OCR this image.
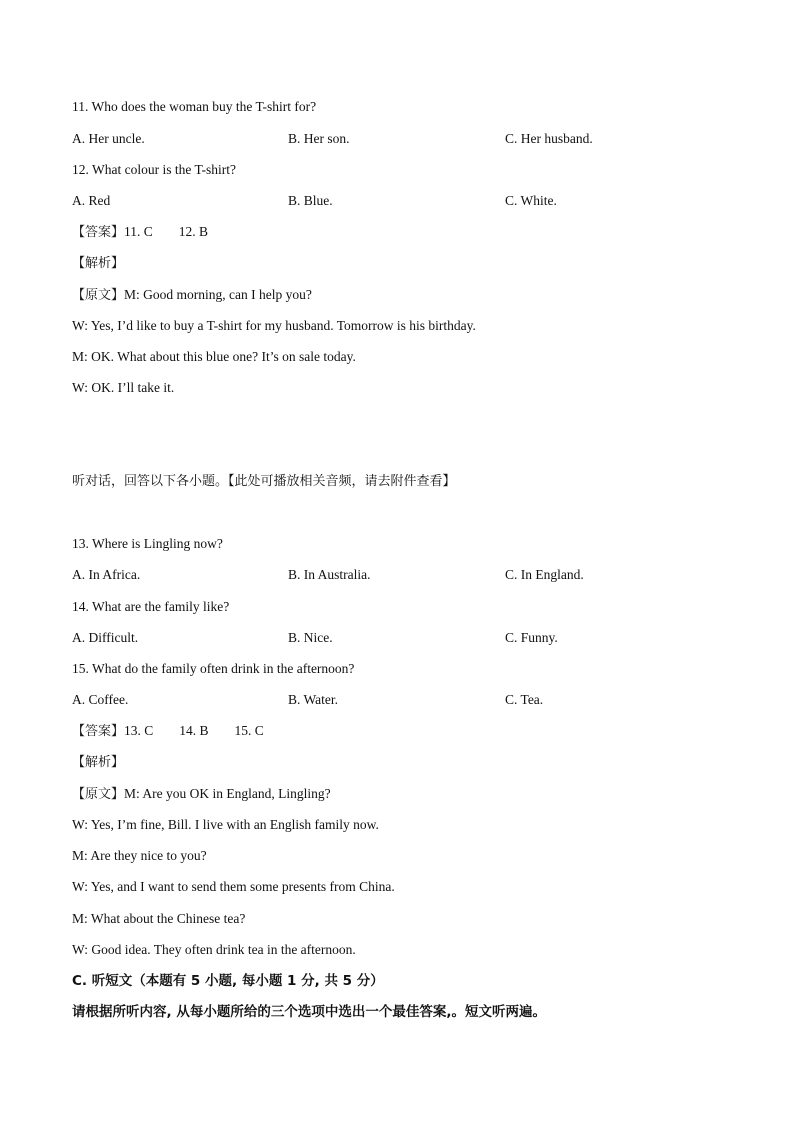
11. Who does the woman buy the T-shirt for?
A. Her uncle.	B. Her son.	C. Her husband.
12. What colour is the T-shirt?
A. Red	B. Blue.	C. White.
【答案】11. C 12. B
【解析】
【原文】M: Good morning, can I help you?
W: Yes, I’d like to buy a T-shirt for my husband. Tomorrow is his birthday.
M: OK. What about this blue one? It’s on sale today.
W: OK. I’ll take it.
听对话，回答以下各小题。【此处可播放相关音频，请去附件查看】
13. Where is Lingling now?
A. In Africa.	B. In Australia.	C. In England.
14. What are the family like?
A. Difficult.	B. Nice.	C. Funny.
15. What do the family often drink in the afternoon?
A. Coffee.	B. Water.	C. Tea.
【答案】13. C 14. B 15. C
【解析】
【原文】M: Are you OK in England, Lingling?
W: Yes, I’m fine, Bill. I live with an English family now.
M: Are they nice to you?
W: Yes, and I want to send them some presents from China.
M: What about the Chinese tea?
W: Good idea. They often drink tea in the afternoon.
C. 听短文（本题有 5 小题, 每小题 1 分, 共 5 分）
请根据所听内容, 从每小题所给的三个选项中选出一个最佳答案,。短文听两遍。
